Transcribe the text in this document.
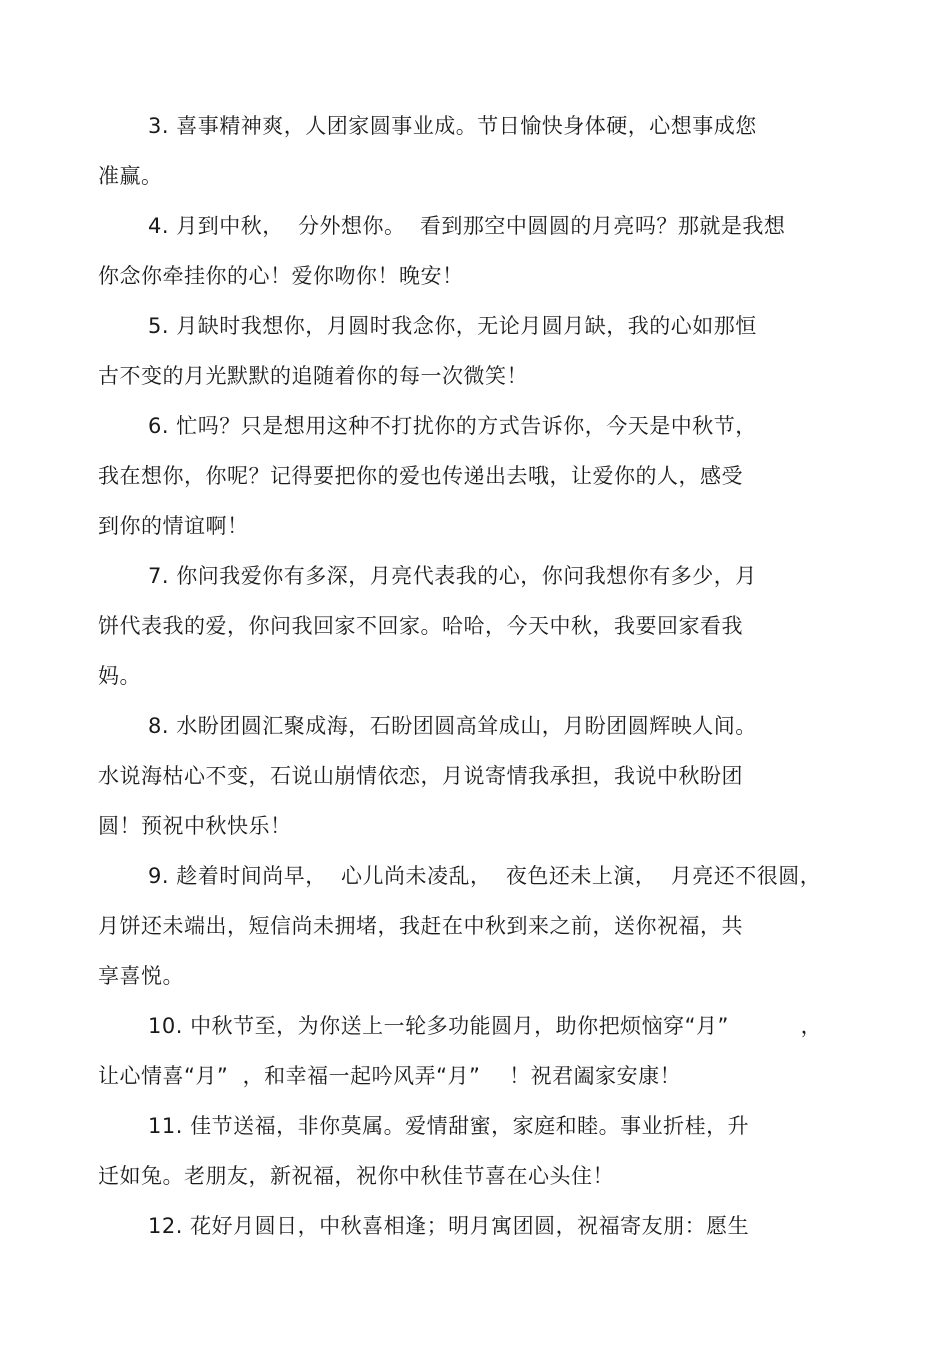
3. 喜事精神爽，人团家圆事业成。节日愉快身体硬，心想事成您
准赢。
4. 月到中秋，  分外想你。  看到那空中圆圆的月亮吗？那就是我想
你念你牵挂你的心！爱你吻你！晚安！
5. 月缺时我想你，月圆时我念你，无论月圆月缺，我的心如那恒
古不变的月光默默的追随着你的每一次微笑！
6. 忙吗？只是想用这种不打扰你的方式告诉你，今天是中秋节，
我在想你，你呢？记得要把你的爱也传递出去哦，让爱你的人，感受
到你的情谊啊！
7. 你问我爱你有多深，月亮代表我的心，你问我想你有多少，月
饼代表我的爱，你问我回家不回家。哈哈，今天中秋，我要回家看我
妈。
8. 水盼团圆汇聚成海，石盼团圆高耸成山，月盼团圆辉映人间。
水说海枯心不变，石说山崩情依恋，月说寄情我承担，我说中秋盼团
圆！预祝中秋快乐！
9. 趁着时间尚早，  心儿尚未凌乱，  夜色还未上演，  月亮还不很圆，
月饼还未端出，短信尚未拥堵，我赶在中秋到来之前，送你祝福，共
享喜悦。
10. 中秋节至，为你送上一轮多功能圆月，助你把烦恼穿“月”          ，
让心情喜“月”  ，和幸福一起吟风弄“月”    ！祝君阖家安康！
11. 佳节送福，非你莫属。爱情甜蜜，家庭和睦。事业折桂，升
迁如兔。老朋友，新祝福，祝你中秋佳节喜在心头住！
12. 花好月圆日，中秋喜相逢；明月寓团圆，祝福寄友朋：愿生
